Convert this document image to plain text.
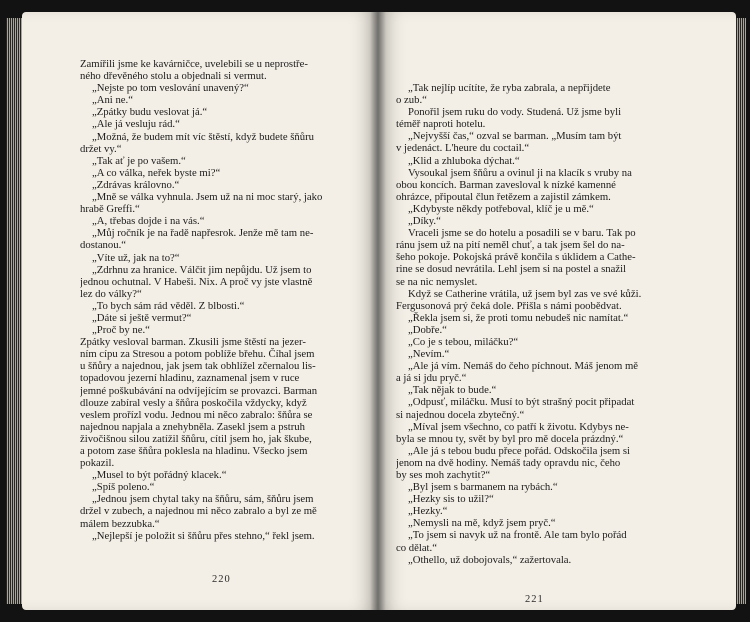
Zamířili jsme ke kavárničce, uvelebili se u neprostře-
ného dřevěného stolu a objednali si vermut.
„Nejste po tom veslování unavený?“
„Ani ne.“
„Zpátky budu veslovat já.“
„Ale já vesluju rád.“
„Možná, že budem mít víc štěstí, když budete šňůru
držet vy.“
„Tak ať je po vašem.“
„A co válka, neřek byste mi?“
„Zdrávas královno.“
„Mně se válka vyhnula. Jsem už na ni moc starý, jako
hrabě Greffi.“
„A, třebas dojde i na vás.“
„Můj ročník je na řadě napřesrok. Jenže mě tam ne-
dostanou.“
„Víte už, jak na to?“
„Zdrhnu za hranice. Válčit jim nepůjdu. Už jsem to
jednou ochutnal. V Habeši. Nix. A proč vy jste vlastně
lez do války?“
„To bych sám rád věděl. Z blbosti.“
„Dáte si ještě vermut?“
„Proč by ne.“
Zpátky vesloval barman. Zkusili jsme štěstí na jezer-
ním cípu za Stresou a potom poblíže břehu. Číhal jsem
u šňůry a najednou, jak jsem tak obhlížel zčernalou lis-
topadovou jezerní hladinu, zaznamenal jsem v ruce
jemné poškubávání na odvíjejícím se provazci. Barman
dlouze zabíral vesly a šňůra poskočila vždycky, když
veslem prořízl vodu. Jednou mi něco zabralo: šňůra se
najednou napjala a znehybněla. Zasekl jsem a pstruh
živočišnou silou zatížil šňůru, cítil jsem ho, jak škube,
a potom zase šňůra poklesla na hladinu. Všecko jsem
pokazil.
„Musel to být pořádný klacek.“
„Spíš poleno.“
„Jednou jsem chytal taky na šňůru, sám, šňůru jsem
držel v zubech, a najednou mi něco zabralo a byl ze mě
málem bezzubka.“
„Nejlepší je položit si šňůru přes stehno,“ řekl jsem.
220
„Tak nejlíp ucítíte, že ryba zabrala, a nepřijdete
o zub.“
Ponořil jsem ruku do vody. Studená. Už jsme byli
téměř naproti hotelu.
„Nejvyšší čas,“ ozval se barman. „Musím tam být
v jedenáct. L'heure du coctail.“
„Klid a zhluboka dýchat.“
Vysoukal jsem šňůru a ovinul ji na klacík s vruby na
obou koncích. Barman zavesloval k nízké kamenné
ohrázce, připoutal člun řetězem a zajistil zámkem.
„Kdybyste někdy potřeboval, klíč je u mě.“
„Díky.“
Vraceli jsme se do hotelu a posadili se v baru. Tak po
ránu jsem už na pití neměl chuť, a tak jsem šel do na-
šeho pokoje. Pokojská právě končila s úklidem a Cathe-
rine se dosud nevrátila. Lehl jsem si na postel a snažil
se na nic nemyslet.
Když se Catherine vrátila, už jsem byl zas ve své kůži.
Fergusonová prý čeká dole. Přišla s námi poobědvat.
„Řekla jsem si, že proti tomu nebudeš nic namítat.“
„Dobře.“
„Co je s tebou, miláčku?“
„Nevím.“
„Ale já vím. Nemáš do čeho píchnout. Máš jenom mě
a já si jdu pryč.“
„Tak nějak to bude.“
„Odpusť, miláčku. Musí to být strašný pocit připadat
si najednou docela zbytečný.“
„Míval jsem všechno, co patří k životu. Kdybys ne-
byla se mnou ty, svět by byl pro mě docela prázdný.“
„Ale já s tebou budu přece pořád. Odskočila jsem si
jenom na dvě hodiny. Nemáš tady opravdu nic, čeho
by ses moh zachytit?“
„Byl jsem s barmanem na rybách.“
„Hezky sis to užil?“
„Hezky.“
„Nemysli na mě, když jsem pryč.“
„To jsem si navyk už na frontě. Ale tam bylo pořád
co dělat.“
„Othello, už dobojovals,“ zažertovala.
221
